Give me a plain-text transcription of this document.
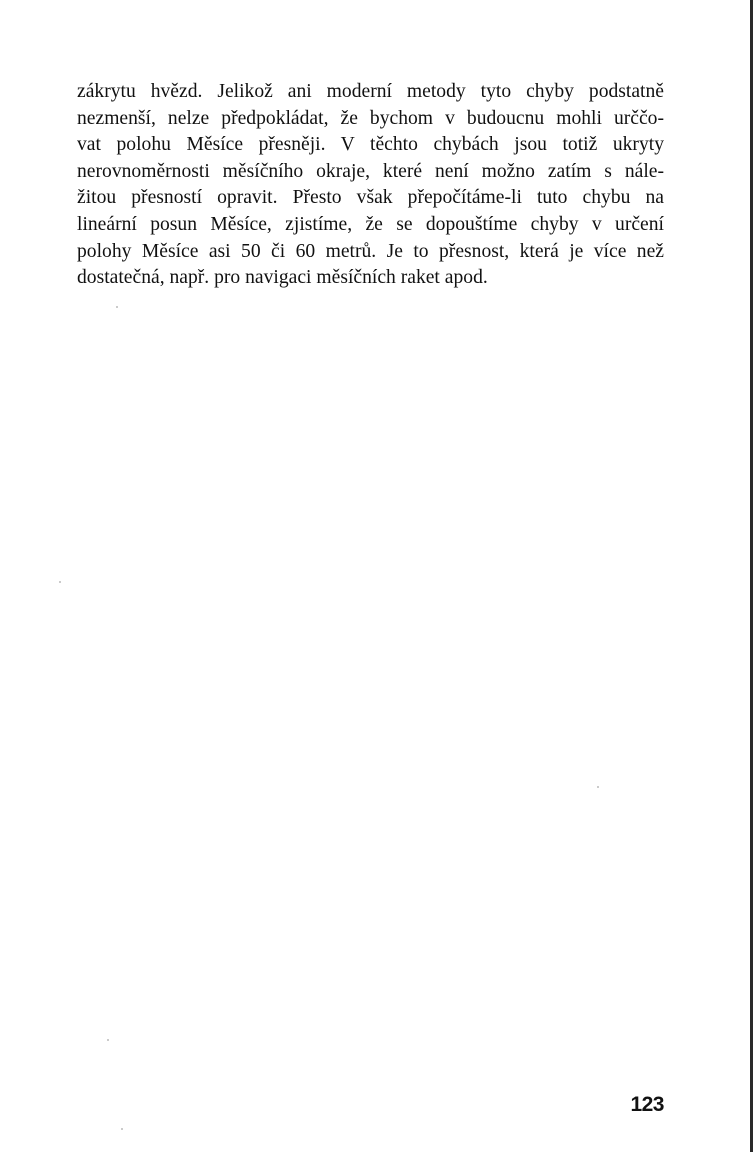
zákrytu hvězd. Jelikož ani moderní metody tyto chyby podstatně
nezmenší, nelze předpokládat, že bychom v budoucnu mohli urččo-
vat polohu Měsíce přesněji. V těchto chybách jsou totiž ukryty
nerovnoměrnosti měsíčního okraje, které není možno zatím s nále-
žitou přesností opravit. Přesto však přepočítáme-li tuto chybu na
lineární posun Měsíce, zjistíme, že se dopouštíme chyby v určení
polohy Měsíce asi 50 či 60 metrů. Je to přesnost, která je více než
dostatečná, např. pro navigaci měsíčních raket apod.
123
